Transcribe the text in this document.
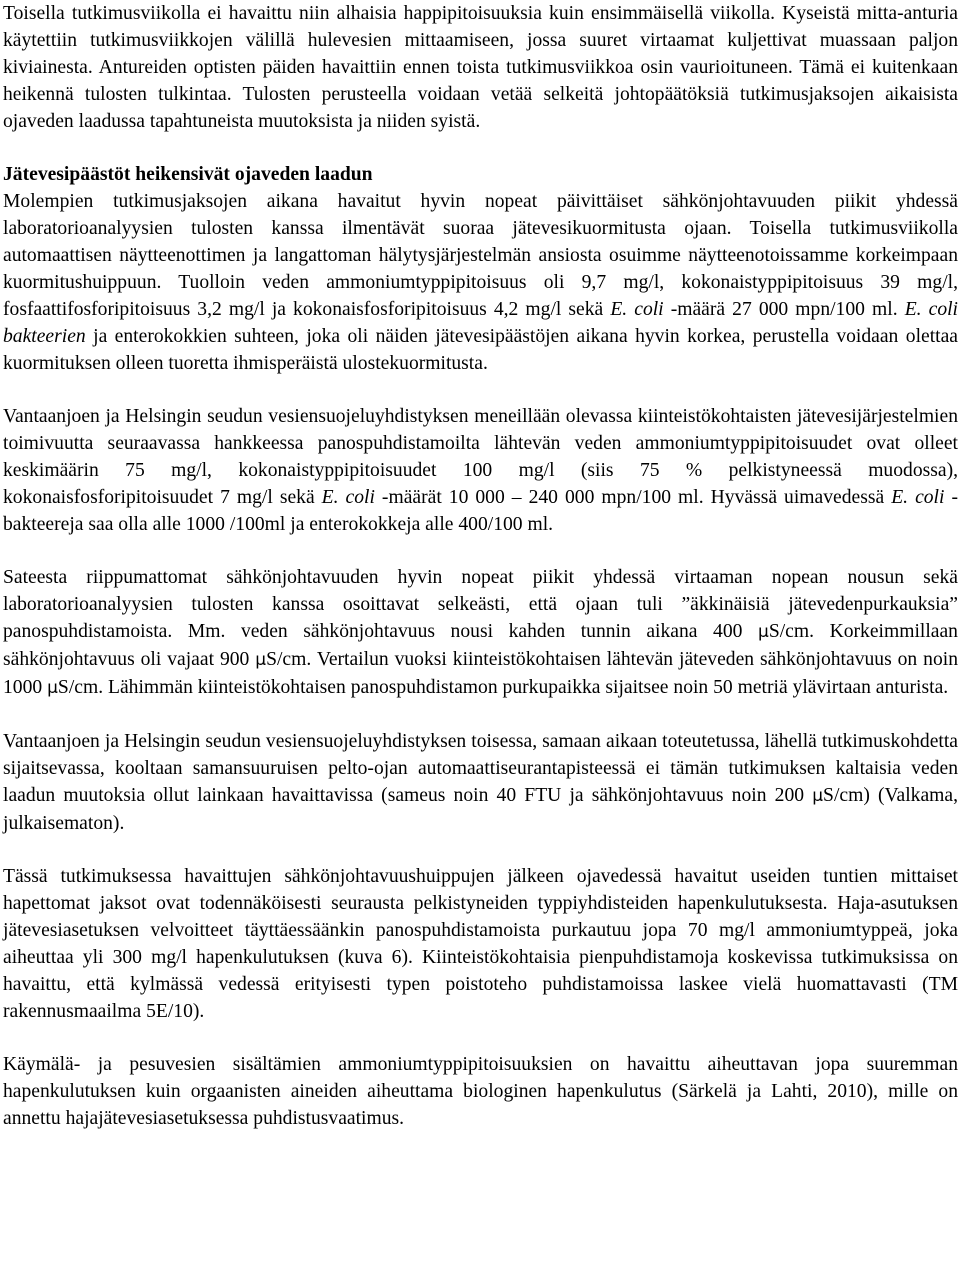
Toisella tutkimusviikolla ei havaittu niin alhaisia happipitoisuuksia kuin ensimmäisellä viikolla. Kyseistä mitta-anturia käytettiin tutkimusviikkojen välillä hulevesien mittaamiseen, jossa suuret virtaamat kuljettivat muassaan paljon kiviainesta. Antureiden optisten päiden havaittiin ennen toista tutkimusviikkoa osin vaurioituneen. Tämä ei kuitenkaan heikennä tulosten tulkintaa. Tulosten perusteella voidaan vetää selkeitä johtopäätöksiä tutkimusjaksojen aikaisista ojaveden laadussa tapahtuneista muutoksista ja niiden syistä.

Jätevesipäästöt heikensivät ojaveden laadun

Molempien tutkimusjaksojen aikana havaitut hyvin nopeat päivittäiset sähkönjohtavuuden piikit yhdessä laboratorioanalyysien tulosten kanssa ilmentävät suoraa jätevesikuormitusta ojaan. Toisella tutkimusviikolla automaattisen näytteenottimen ja langattoman hälytysjärjestelmän ansiosta osuimme näytteenotoissamme korkeimpaan kuormitushuippuun. Tuolloin veden ammoniumtyppipitoisuus oli 9,7 mg/l, kokonaistyppipitoisuus 39 mg/l, fosfaattifosforipitoisuus 3,2 mg/l ja kokonaisfosforipitoisuus 4,2 mg/l sekä E. coli -määrä 27 000 mpn/100 ml. E. coli bakteerien ja enterokokkien suhteen, joka oli näiden jätevesipäästöjen aikana hyvin korkea, perustella voidaan olettaa kuormituksen olleen tuoretta ihmisperäistä ulostekuormitusta.

Vantaanjoen ja Helsingin seudun vesiensuojeluyhdistyksen meneillään olevassa kiinteistökohtaisten jätevesijärjestelmien toimivuutta seuraavassa hankkeessa panospuhdistamoilta lähtevän veden ammoniumtyppipitoisuudet ovat olleet keskimäärin 75 mg/l, kokonaistyppipitoisuudet 100 mg/l (siis 75 % pelkistyneessä muodossa), kokonaisfosforipitoisuudet 7 mg/l sekä E. coli -määrät 10 000 – 240 000 mpn/100 ml. Hyvässä uimavedessä E. coli -bakteereja saa olla alle 1000 /100ml ja enterokokkeja alle 400/100 ml.

Sateesta riippumattomat sähkönjohtavuuden hyvin nopeat piikit yhdessä virtaaman nopean nousun sekä laboratorioanalyysien tulosten kanssa osoittavat selkeästi, että ojaan tuli ”äkkinäisiä jätevedenpurkauksia” panospuhdistamoista. Mm. veden sähkönjohtavuus nousi kahden tunnin aikana 400 µS/cm. Korkeimmillaan sähkönjohtavuus oli vajaat 900 µS/cm. Vertailun vuoksi kiinteistökohtaisen lähtevän jäteveden sähkönjohtavuus on noin 1000 µS/cm. Lähimmän kiinteistökohtaisen panospuhdistamon purkupaikka sijaitsee noin 50 metriä ylävirtaan anturista.

Vantaanjoen ja Helsingin seudun vesiensuojeluyhdistyksen toisessa, samaan aikaan toteutetussa, lähellä tutkimuskohdetta sijaitsevassa, kooltaan samansuuruisen pelto-ojan automaattiseurantapisteessä ei tämän tutkimuksen kaltaisia veden laadun muutoksia ollut lainkaan havaittavissa (sameus noin 40 FTU ja sähkönjohtavuus noin 200 µS/cm) (Valkama, julkaisematon).

Tässä tutkimuksessa havaittujen sähkönjohtavuushuippujen jälkeen ojavedessä havaitut useiden tuntien mittaiset hapettomat jaksot ovat todennäköisesti seurausta pelkistyneiden typpiyhdisteiden hapenkulutuksesta. Haja-asutuksen jätevesiasetuksen velvoitteet täyttäessäänkin panospuhdistamoista purkautuu jopa 70 mg/l ammoniumtyppeä, joka aiheuttaa yli 300 mg/l hapenkulutuksen (kuva 6). Kiinteistökohtaisia pienpuhdistamoja koskevissa tutkimuksissa on havaittu, että kylmässä vedessä erityisesti typen poistoteho puhdistamoissa laskee vielä huomattavasti (TM rakennusmaailma 5E/10).

Käymälä- ja pesuvesien sisältämien ammoniumtyppipitoisuuksien on havaittu aiheuttavan jopa suuremman hapenkulutuksen kuin orgaanisten aineiden aiheuttama biologinen hapenkulutus (Särkelä ja Lahti, 2010), mille on annettu hajajätevesiasetuksessa puhdistusvaatimus.
